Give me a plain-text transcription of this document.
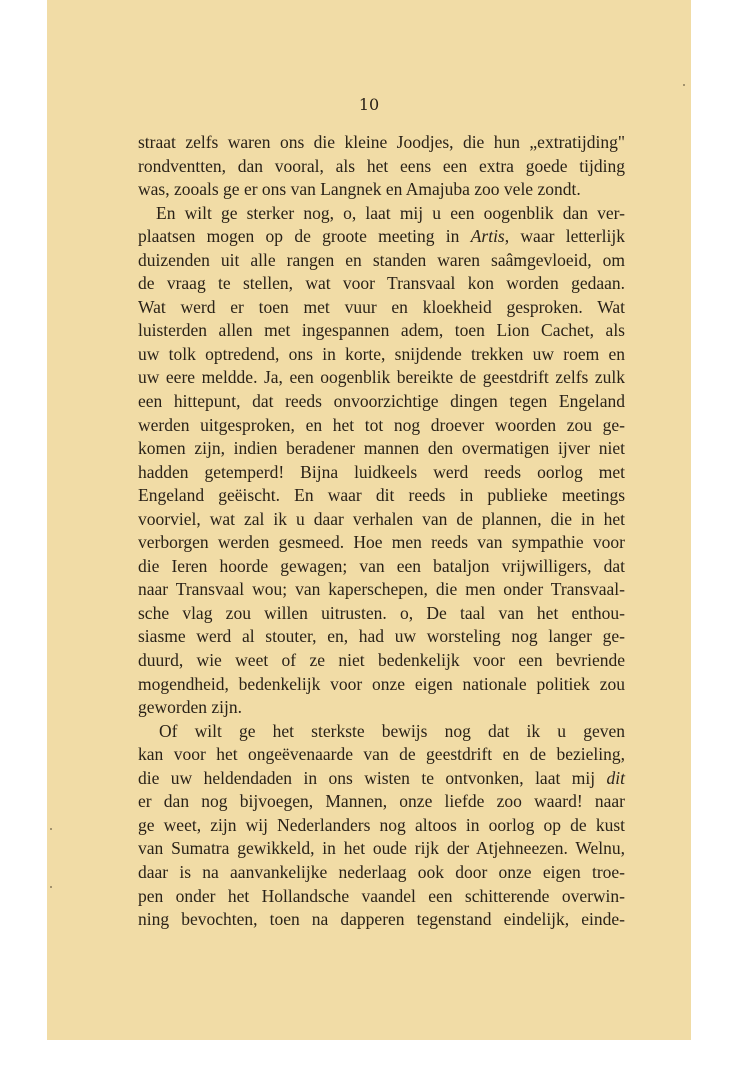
10

straat zelfs waren ons die kleine Joodjes, die hun „extratijding"
rondventten, dan vooral, als het eens een extra goede tijding
was, zooals ge er ons van Langnek en Amajuba zoo vele zondt.
En wilt ge sterker nog, o, laat mij u een oogenblik dan ver-
plaatsen mogen op de groote meeting in Artis, waar letterlijk
duizenden uit alle rangen en standen waren saâmgevloeid, om
de vraag te stellen, wat voor Transvaal kon worden gedaan.
Wat werd er toen met vuur en kloekheid gesproken. Wat
luisterden allen met ingespannen adem, toen Lion Cachet, als
uw tolk optredend, ons in korte, snijdende trekken uw roem en
uw eere meldde. Ja, een oogenblik bereikte de geestdrift zelfs zulk
een hittepunt, dat reeds onvoorzichtige dingen tegen Engeland
werden uitgesproken, en het tot nog droever woorden zou ge-
komen zijn, indien beradener mannen den overmatigen ijver niet
hadden getemperd! Bijna luidkeels werd reeds oorlog met
Engeland geëischt. En waar dit reeds in publieke meetings
voorviel, wat zal ik u daar verhalen van de plannen, die in het
verborgen werden gesmeed. Hoe men reeds van sympathie voor
die Ieren hoorde gewagen; van een bataljon vrijwilligers, dat
naar Transvaal wou; van kaperschepen, die men onder Transvaal-
sche vlag zou willen uitrusten. o, De taal van het enthou-
siasme werd al stouter, en, had uw worsteling nog langer ge-
duurd, wie weet of ze niet bedenkelijk voor een bevriende
mogendheid, bedenkelijk voor onze eigen nationale politiek zou
geworden zijn.
Of wilt ge het sterkste bewijs nog dat ik u geven
kan voor het ongeëvenaarde van de geestdrift en de bezieling,
die uw heldendaden in ons wisten te ontvonken, laat mij dit
er dan nog bijvoegen, Mannen, onze liefde zoo waard! naar
ge weet, zijn wij Nederlanders nog altoos in oorlog op de kust
van Sumatra gewikkeld, in het oude rijk der Atjehneezen. Welnu,
daar is na aanvankelijke nederlaag ook door onze eigen troe-
pen onder het Hollandsche vaandel een schitterende overwin-
ning bevochten, toen na dapperen tegenstand eindelijk, einde-
